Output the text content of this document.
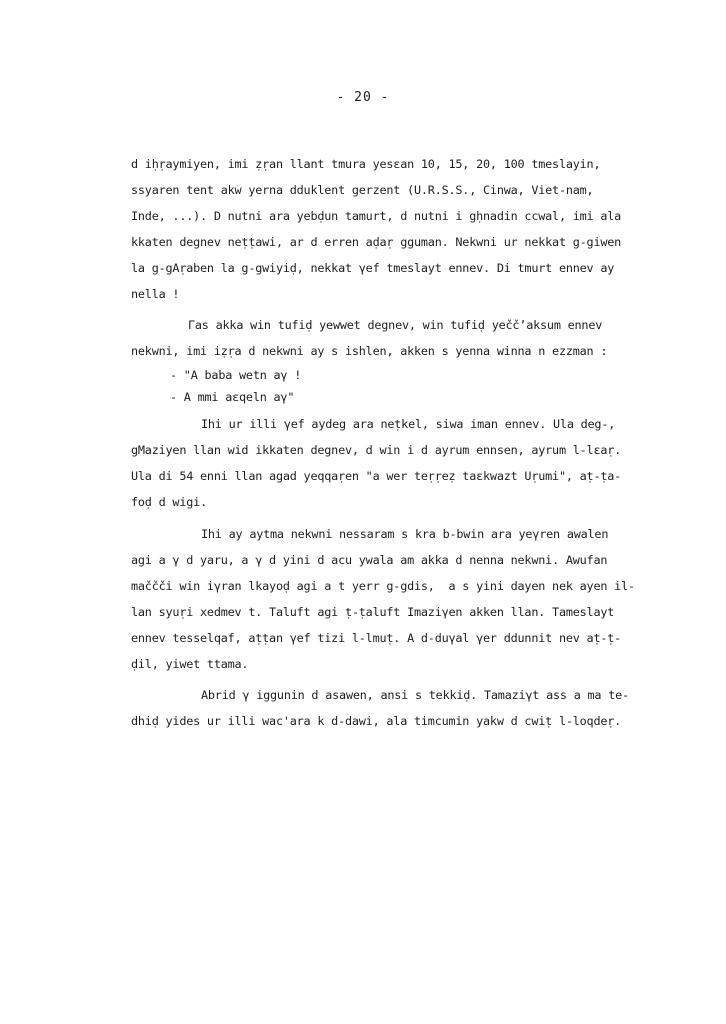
- 20 -
d iḥṛaymiyen, imi ẓṛan llant tmura yesɛan 10, 15, 20, 100 tmeslayin,
ssyaren tent akw yerna dduklent gerzent (U.R.S.S., Cinwa, Viet-nam,
Inde, ...). D nutni ara yebḍun tamurt, d nutni i gḥnadin ccwal, imi ala
kkaten degnev neṭṭawi, ar d erren aḍaṛ gguman. Nekwni ur nekkat g-giwen
la g-gAṛaben la g-gwiyiḍ, nekkat γef tmeslayt ennev. Di tmurt ennev ay
nella !
Γas akka win tufiḍ yewwet degnev, win tufiḍ yeččʼaksum ennev
nekwni, imi iẓṛa d nekwni ay s ishlen, akken s yenna winna n ezzman :
- "A baba wetn aγ !
- A mmi aɛqeln aγ"
Ihi ur illi γef aydeg ara neṭkel, siwa iman ennev. Ula deg-,
gMaziyen llan wid ikkaten degnev, d win i d ayrum ennsen, ayrum l-lɛaṛ.
Ula di 54 enni llan agad yeqqaṛen "a wer teṛṛeẓ taɛkwazt Uṛumi", aṭ-ṭa-
foḍ d wigi.
Ihi ay aytma nekwni nessaram s kra b-bwin ara yeγren awalen
agi a γ d yaru, a γ d yini d acu ywala am akka d nenna nekwni. Awufan
maččči win iγran lkayoḍ agi a t yerr g-gdis,  a s yini dayen nek ayen il-
lan syuṛi xedmev t. Taluft agi ṭ-ṭaluft Imaziγen akken llan. Tameslayt
ennev tesselqaf, aṭṭan γef tizi l-lmuṭ. A d-duγal γer ddunnit nev aṭ-ṭ-
ḍil, yiwet ttama.
Abrid γ iggunin d asawen, ansi s tekkiḍ. Tamaziγt ass a ma te-
dhiḍ yides ur illi wac'ara k d-dawi, ala timcumin yakw d cwiṭ l-loqdeṛ.
